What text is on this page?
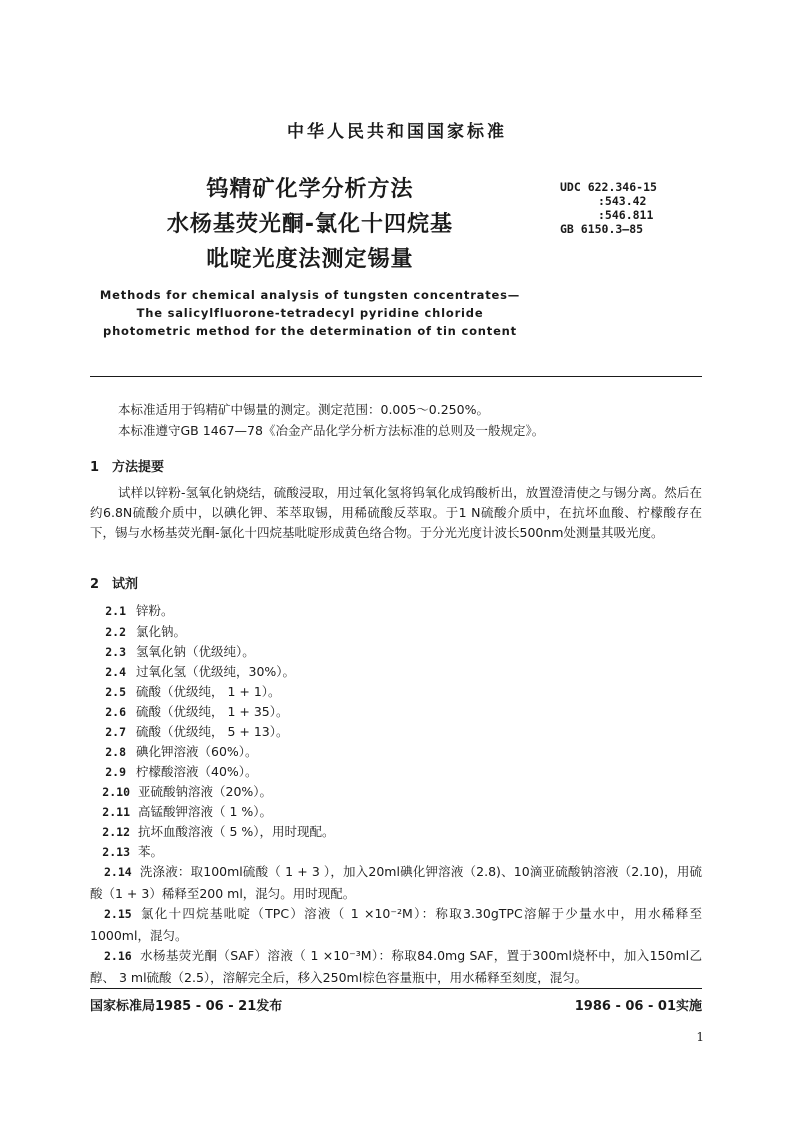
中华人民共和国国家标准
钨精矿化学分析方法
水杨基荧光酮-氯化十四烷基
吡啶光度法测定锡量
UDC 622.346-15
:543.42
:546.811
GB 6150.3—85
Methods for chemical analysis of tungsten concentrates—
The salicylfluorone-tetradecyl pyridine chloride
photometric method for the determination of tin content

本标准适用于钨精矿中锡量的测定。测定范围：0.005～0.250%。

本标准遵守GB 1467—78《冶金产品化学分析方法标准的总则及一般规定》。

1 方法提要

试样以锌粉-氢氧化钠烧结，硫酸浸取，用过氧化氢将钨氧化成钨酸析出，放置澄清使之与锡分离。然后在约6.8N硫酸介质中，以碘化钾、苯萃取锡，用稀硫酸反萃取。于1 N硫酸介质中，在抗坏血酸、柠檬酸存在下，锡与水杨基荧光酮-氯化十四烷基吡啶形成黄色络合物。于分光光度计波长500nm处测量其吸光度。

2 试剂
2.1 锌粉。
2.2 氯化钠。
2.3 氢氧化钠（优级纯）。
2.4 过氧化氢（优级纯，30%）。
2.5 硫酸（优级纯， 1 + 1）。
2.6 硫酸（优级纯， 1 + 35）。
2.7 硫酸（优级纯， 5 + 13）。
2.8 碘化钾溶液（60%）。
2.9 柠檬酸溶液（40%）。
2.10 亚硫酸钠溶液（20%）。
2.11 高锰酸钾溶液（ 1 %）。
2.12 抗坏血酸溶液（ 5 %），用时现配。
2.13 苯。
2.14 洗涤液：取100ml硫酸（ 1 + 3 ），加入20ml碘化钾溶液（2.8)、10滴亚硫酸钠溶液（2.10)，用硫酸（1 + 3）稀释至200 ml，混匀。用时现配。
2.15 氯化十四烷基吡啶（TPC）溶液（ 1 ×10⁻²M）：称取3.30gTPC溶解于少量水中，用水稀释至1000ml，混匀。
2.16 水杨基荧光酮（SAF）溶液（ 1 ×10⁻³M）：称取84.0mg SAF，置于300ml烧杯中，加入150ml乙醇、 3 ml硫酸（2.5），溶解完全后，移入250ml棕色容量瓶中，用水稀释至刻度，混匀。
国家标准局1985 - 06 - 21发布	1986 - 06 - 01实施
1
